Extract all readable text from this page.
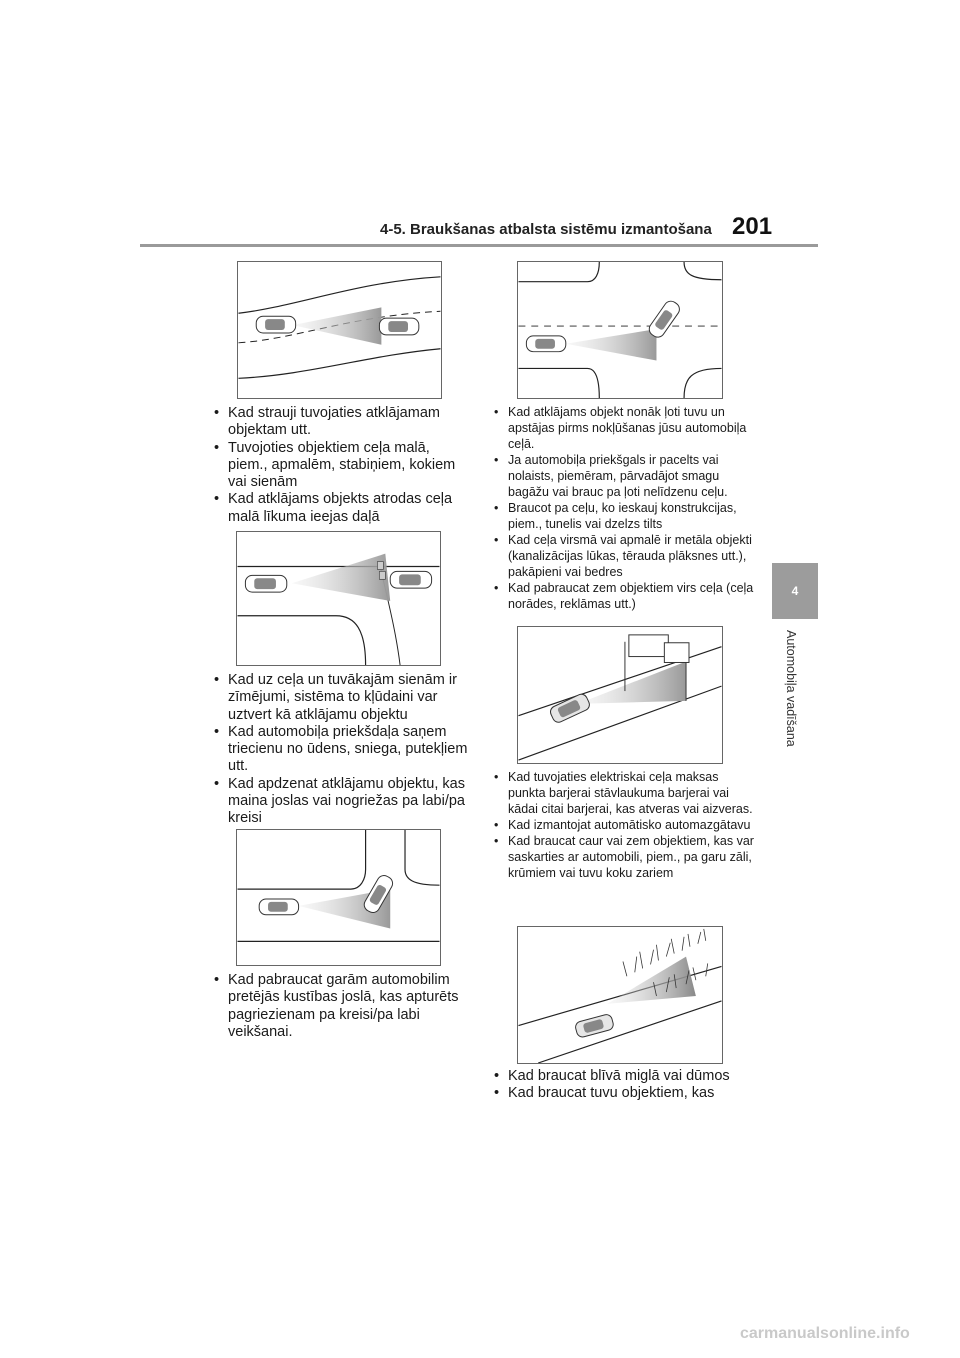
4-5. Braukšanas atbalsta sistēmu izmantošana 201
4
Automobiļa vadīšana
• Kad strauji tuvojaties atklājamam objektam utt.
• Tuvojoties objektiem ceļa malā, piem., apmalēm, stabiņiem, kokiem vai sienām
• Kad atklājams objekts atrodas ceļa malā līkuma ieejas daļā
• Kad uz ceļa un tuvākajām sienām ir zīmējumi, sistēma to kļūdaini var uztvert kā atklājamu objektu
• Kad automobiļa priekšdaļa saņem triecienu no ūdens, sniega, putekļiem utt.
• Kad apdzenat atklājamu objektu, kas maina joslas vai nogriežas pa labi/pa kreisi
• Kad pabraucat garām automobilim pretējās kustības joslā, kas apturēts pagriezienam pa kreisi/pa labi veikšanai.
• Kad atklājams objekt nonāk ļoti tuvu un apstājas pirms nokļūšanas jūsu automobiļa ceļā.
• Ja automobiļa priekšgals ir pacelts vai nolaists, piemēram, pārvadājot smagu bagāžu vai brauc pa ļoti nelīdzenu ceļu.
• Braucot pa ceļu, ko ieskauj konstrukcijas, piem., tunelis vai dzelzs tilts
• Kad ceļa virsmā vai apmalē ir metāla objekti (kanalizācijas lūkas, tērauda plāksnes utt.), pakāpieni vai bedres
• Kad pabraucat zem objektiem virs ceļa (ceļa norādes, reklāmas utt.)
• Kad tuvojaties elektriskai ceļa maksas punkta barjerai stāvlaukuma barjerai vai kādai citai barjerai, kas atveras vai aizveras.
• Kad izmantojat automātisko automazgātavu
• Kad braucat caur vai zem objektiem, kas var saskarties ar automobili, piem., pa garu zāli, krūmiem vai tuvu koku zariem
• Kad braucat blīvā miglā vai dūmos
• Kad braucat tuvu objektiem, kas
carmanualsonline.info
